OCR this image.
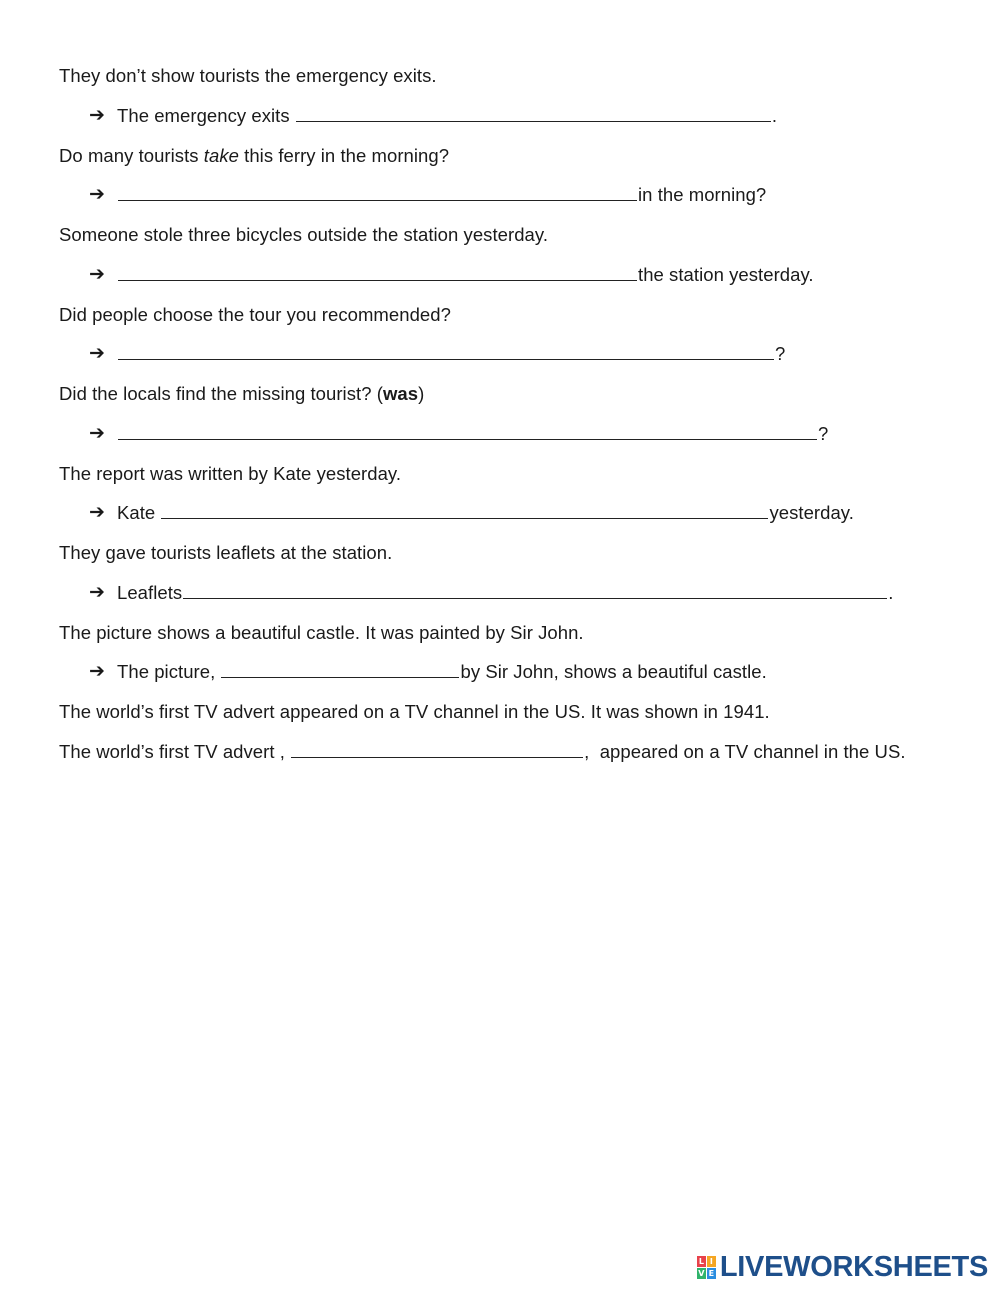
They don’t show tourists the emergency exits.
➔ The emergency exits	.
Do many tourists take this ferry in the morning?
➔	in the morning?
Someone stole three bicycles outside the station yesterday.
➔	the station yesterday.
Did people choose the tour you recommended?
➔	?
Did the locals find the missing tourist? (was)
➔	?
The report was written by Kate yesterday.
➔ Kate	yesterday.
They gave tourists leaflets at the station.
➔ Leaflets	.
The picture shows a beautiful castle. It was painted by Sir John.
➔ The picture,	by Sir John, shows a beautiful castle.
The world’s first TV advert appeared on a TV channel in the US. It was shown in 1941.
The world’s first TV advert ,	,  appeared on a TV channel in the US.
L I
V E LIVEWORKSHEETS
